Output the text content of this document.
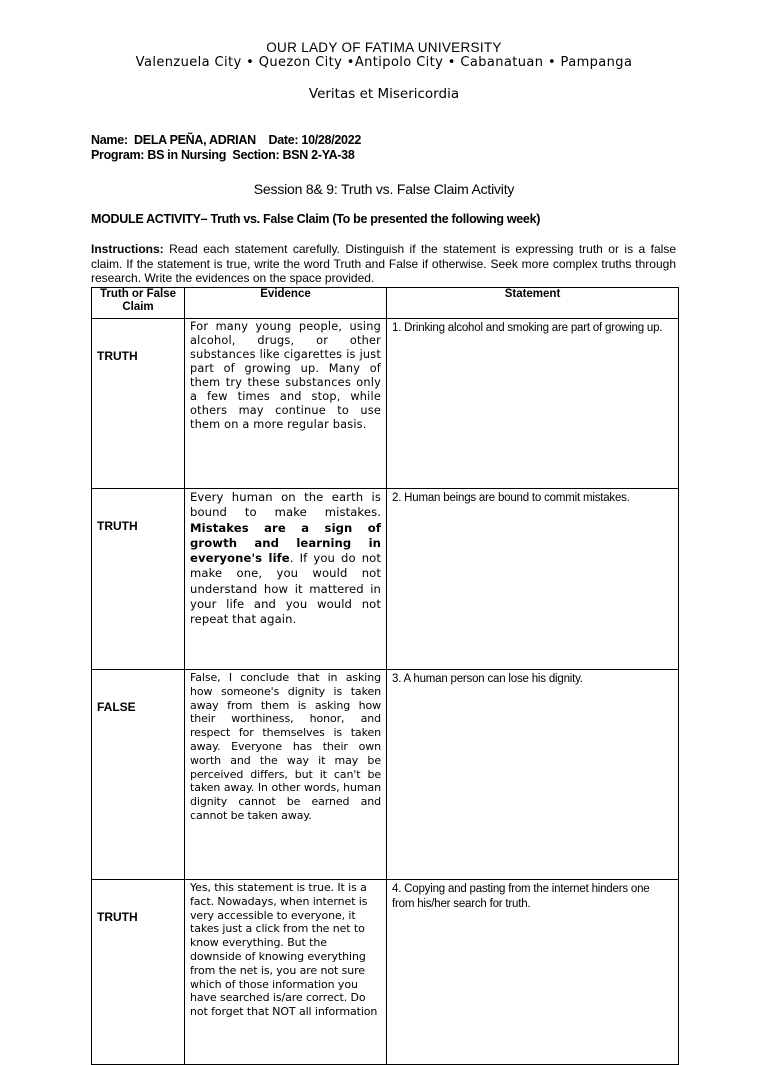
OUR LADY OF FATIMA UNIVERSITY
Valenzuela City • Quezon City •Antipolo City • Cabanatuan • Pampanga
Veritas et Misericordia
Name:  DELA PEÑA, ADRIAN    Date: 10/28/2022
Program: BS in Nursing  Section: BSN 2-YA-38
Session 8& 9: Truth vs. False Claim Activity
MODULE ACTIVITY– Truth vs. False Claim (To be presented the following week)
Instructions: Read each statement carefully. Distinguish if the statement is expressing truth or is a false claim. If the statement is true, write the word Truth and False if otherwise. Seek more complex truths through research. Write the evidences on the space provided.
Truth or False Claim	Evidence	Statement
TRUTH	For many young people, using alcohol, drugs, or other substances like cigarettes is just part of growing up. Many of them try these substances only a few times and stop, while others may continue to use them on a more regular basis.	1. Drinking alcohol and smoking are part of growing up.
TRUTH	Every human on the earth is bound to make mistakes. Mistakes are a sign of growth and learning in everyone's life. If you do not make one, you would not understand how it mattered in your life and you would not repeat that again.	2. Human beings are bound to commit mistakes.
FALSE	False, I conclude that in asking how someone's dignity is taken away from them is asking how their worthiness, honor, and respect for themselves is taken away. Everyone has their own worth and the way it may be perceived differs, but it can't be taken away. In other words, human dignity cannot be earned and cannot be taken away.	3. A human person can lose his dignity.
TRUTH	Yes, this statement is true. It is a fact. Nowadays, when internet is very accessible to everyone, it takes just a click from the net to know everything. But the downside of knowing everything from the net is, you are not sure which of those information you have searched is/are correct. Do not forget that NOT all information	4. Copying and pasting from the internet hinders one from his/her search for truth.
